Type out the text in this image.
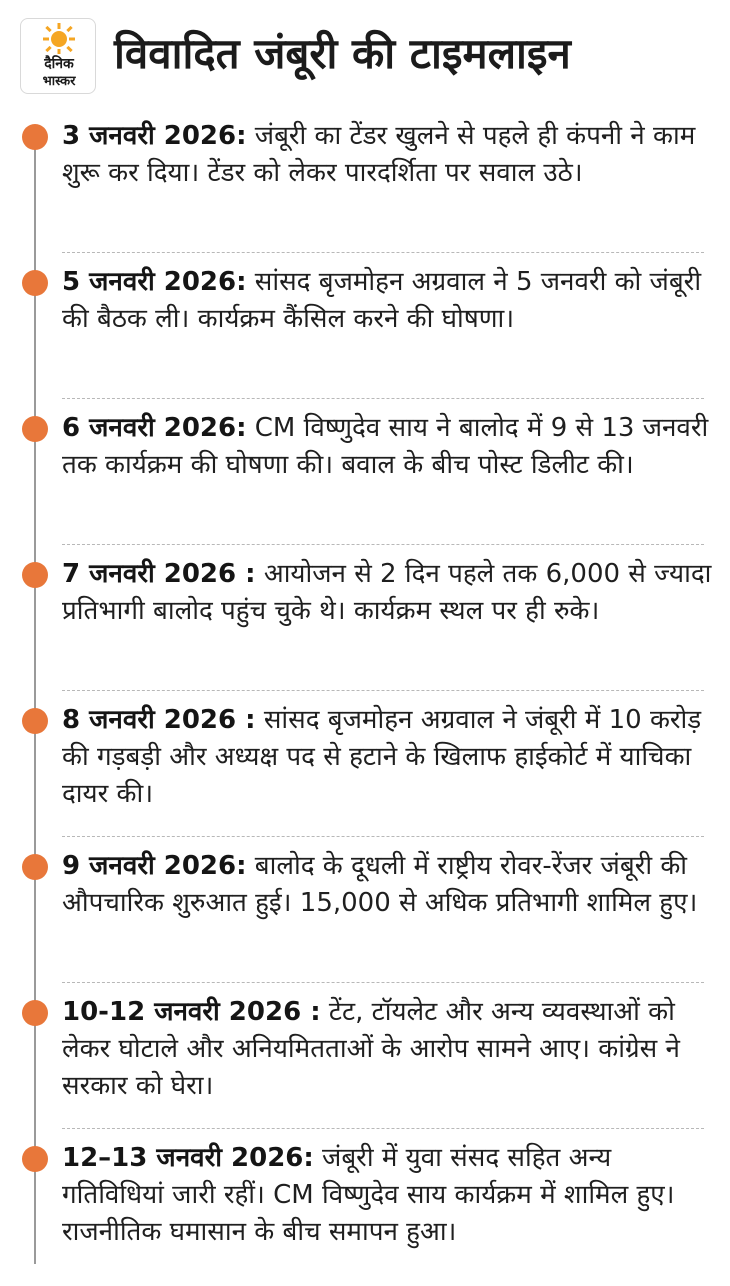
दैनिक
भास्कर
विवादित जंबूरी की टाइमलाइन
3 जनवरी 2026: जंबूरी का टेंडर खुलने से पहले ही कंपनी ने काम शुरू कर दिया। टेंडर को लेकर पारदर्शिता पर सवाल उठे।
5 जनवरी 2026: सांसद बृजमोहन अग्रवाल ने 5 जनवरी को जंबूरी की बैठक ली। कार्यक्रम कैंसिल करने की घोषणा।
6 जनवरी 2026: CM विष्णुदेव साय ने बालोद में 9 से 13 जनवरी तक कार्यक्रम की घोषणा की। बवाल के बीच पोस्ट डिलीट की।
7 जनवरी 2026 : आयोजन से 2 दिन पहले तक 6,000 से ज्यादा प्रतिभागी बालोद पहुंच चुके थे। कार्यक्रम स्थल पर ही रुके।
8 जनवरी 2026 : सांसद बृजमोहन अग्रवाल ने जंबूरी में 10 करोड़ की गड़बड़ी और अध्यक्ष पद से हटाने के खिलाफ हाईकोर्ट में याचिका दायर की।
9 जनवरी 2026: बालोद के दूधली में राष्ट्रीय रोवर-रेंजर जंबूरी की औपचारिक शुरुआत हुई। 15,000 से अधिक प्रतिभागी शामिल हुए।
10-12 जनवरी 2026 : टेंट, टॉयलेट और अन्य व्यवस्थाओं को लेकर घोटाले और अनियमितताओं के आरोप सामने आए। कांग्रेस ने सरकार को घेरा।
12–13 जनवरी 2026: जंबूरी में युवा संसद सहित अन्य गतिविधियां जारी रहीं। CM विष्णुदेव साय कार्यक्रम में शामिल हुए। राजनीतिक घमासान के बीच समापन हुआ।
